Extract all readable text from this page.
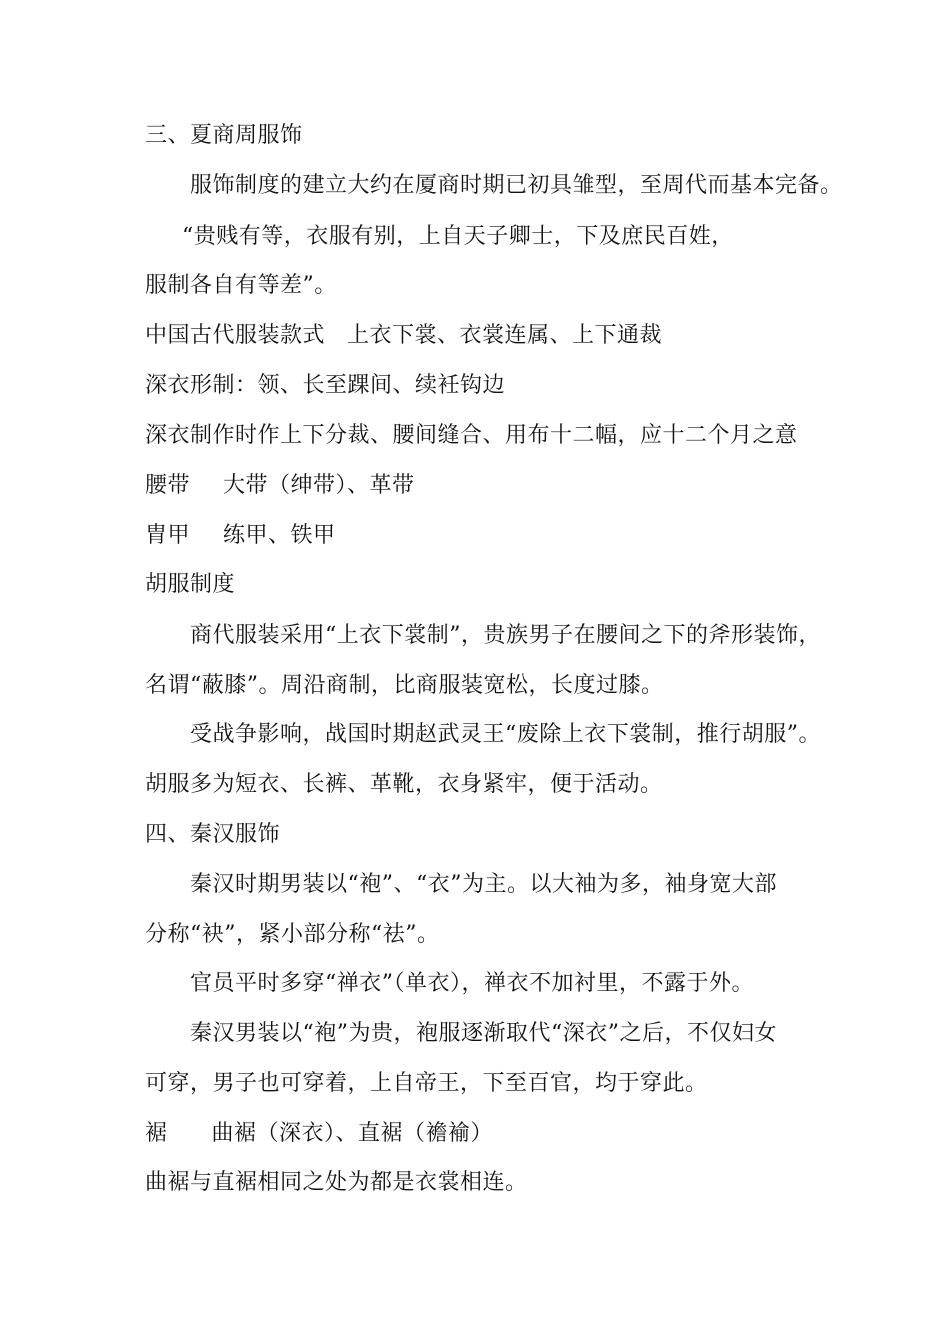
三、夏商周服饰
服饰制度的建立大约在厦商时期已初具雏型，至周代而基本完备。
“贵贱有等，衣服有别，上自天子卿士，下及庶民百姓，
服制各自有等差”。
中国古代服装款式 上衣下裳、衣裳连属、上下通裁
深衣形制：领、长至踝间、续衽钩边
深衣制作时作上下分裁、腰间缝合、用布十二幅，应十二个月之意
腰带 大带（绅带）、革带
胄甲 练甲、铁甲
胡服制度
商代服装采用“上衣下裳制”，贵族男子在腰间之下的斧形装饰，
名谓“蔽膝”。周沿商制，比商服装宽松，长度过膝。
受战争影响，战国时期赵武灵王“废除上衣下裳制，推行胡服”。
胡服多为短衣、长裤、革靴，衣身紧牢，便于活动。
四、秦汉服饰
秦汉时期男装以“袍”、“衣”为主。以大袖为多，袖身宽大部
分称“袂”，紧小部分称“祛”。
官员平时多穿“禅衣”（单衣），禅衣不加衬里，不露于外。
秦汉男装以“袍”为贵，袍服逐渐取代“深衣”之后，不仅妇女
可穿，男子也可穿着，上自帝王，下至百官，均于穿此。
裾 曲裾（深衣）、直裾（襜褕）
曲裾与直裾相同之处为都是衣裳相连。
